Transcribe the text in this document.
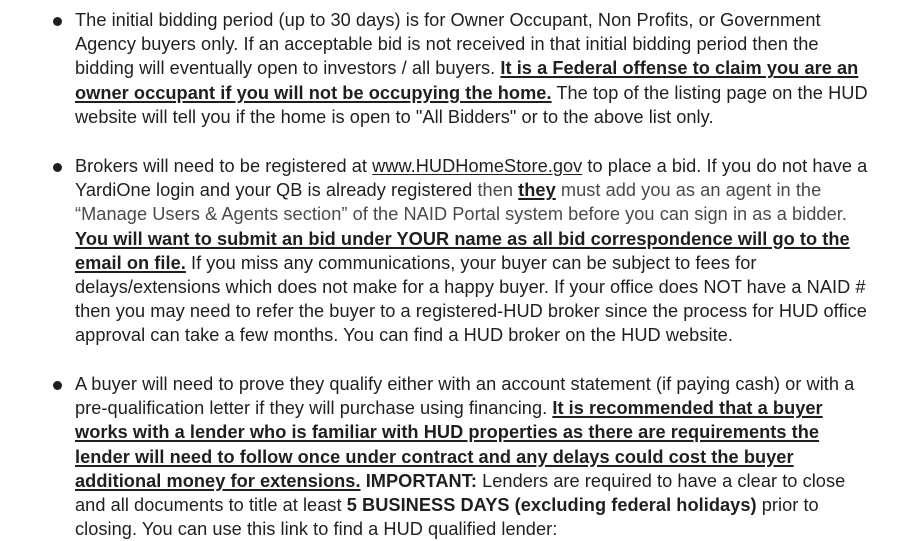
The initial bidding period (up to 30 days) is for Owner Occupant, Non Profits, or Government Agency buyers only. If an acceptable bid is not received in that initial bidding period then the bidding will eventually open to investors / all buyers. It is a Federal offense to claim you are an owner occupant if you will not be occupying the home. The top of the listing page on the HUD website will tell you if the home is open to "All Bidders" or to the above list only.

Brokers will need to be registered at www.HUDHomeStore.gov to place a bid. If you do not have a YardiOne login and your QB is already registered then they must add you as an agent in the “Manage Users & Agents section” of the NAID Portal system before you can sign in as a bidder. You will want to submit an bid under YOUR name as all bid correspondence will go to the email on file. If you miss any communications, your buyer can be subject to fees for delays/extensions which does not make for a happy buyer. If your office does NOT have a NAID # then you may need to refer the buyer to a registered-HUD broker since the process for HUD office approval can take a few months. You can find a HUD broker on the HUD website.

A buyer will need to prove they qualify either with an account statement (if paying cash) or with a pre-qualification letter if they will purchase using financing. It is recommended that a buyer works with a lender who is familiar with HUD properties as there are requirements the lender will need to follow once under contract and any delays could cost the buyer additional money for extensions. IMPORTANT: Lenders are required to have a clear to close and all documents to title at least 5 BUSINESS DAYS (excluding federal holidays) prior to closing. You can use this link to find a HUD qualified lender:
